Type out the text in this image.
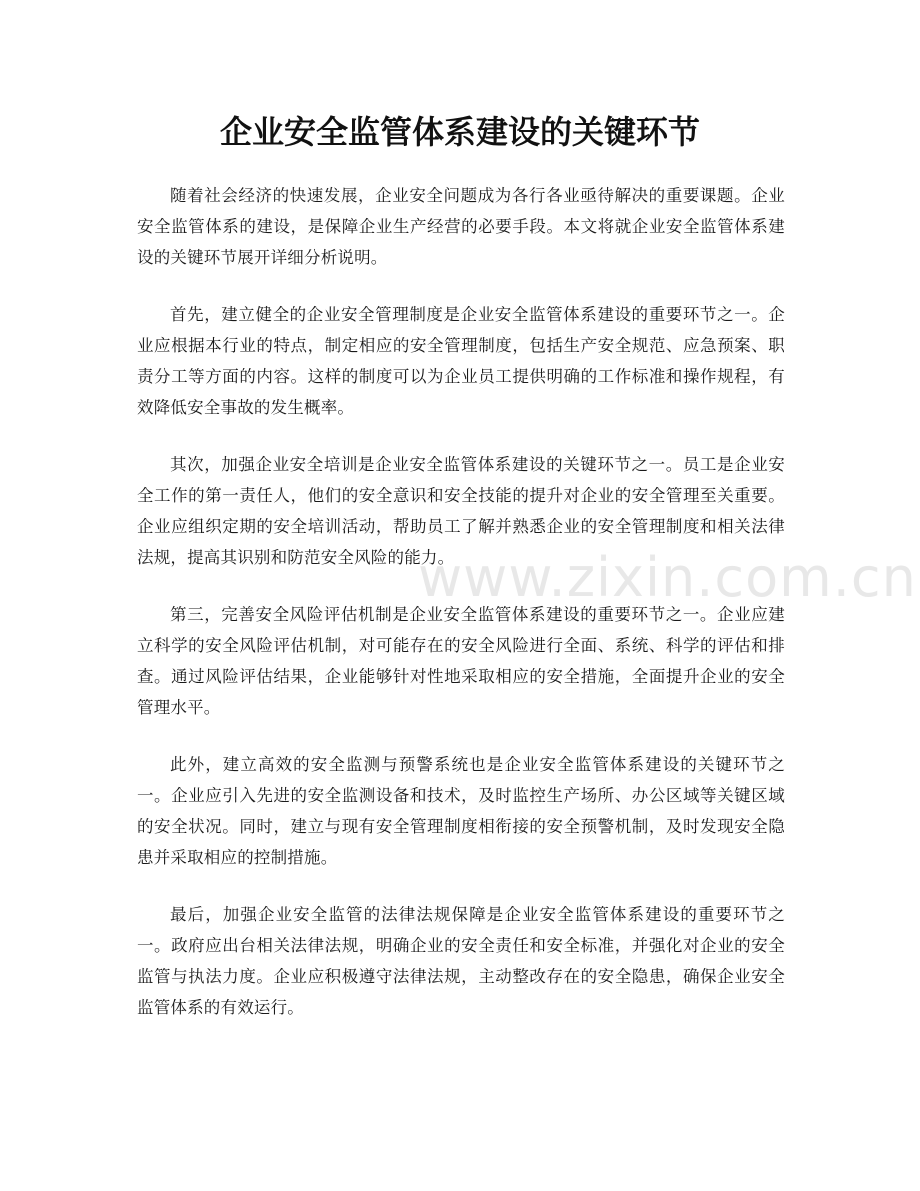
企业安全监管体系建设的关键环节

随着社会经济的快速发展，企业安全问题成为各行各业亟待解决的重要课题。企业安全监管体系的建设，是保障企业生产经营的必要手段。本文将就企业安全监管体系建设的关键环节展开详细分析说明。

首先，建立健全的企业安全管理制度是企业安全监管体系建设的重要环节之一。企业应根据本行业的特点，制定相应的安全管理制度，包括生产安全规范、应急预案、职责分工等方面的内容。这样的制度可以为企业员工提供明确的工作标准和操作规程，有效降低安全事故的发生概率。

其次，加强企业安全培训是企业安全监管体系建设的关键环节之一。员工是企业安全工作的第一责任人，他们的安全意识和安全技能的提升对企业的安全管理至关重要。企业应组织定期的安全培训活动，帮助员工了解并熟悉企业的安全管理制度和相关法律法规，提高其识别和防范安全风险的能力。

第三，完善安全风险评估机制是企业安全监管体系建设的重要环节之一。企业应建立科学的安全风险评估机制，对可能存在的安全风险进行全面、系统、科学的评估和排查。通过风险评估结果，企业能够针对性地采取相应的安全措施，全面提升企业的安全管理水平。

此外，建立高效的安全监测与预警系统也是企业安全监管体系建设的关键环节之一。企业应引入先进的安全监测设备和技术，及时监控生产场所、办公区域等关键区域的安全状况。同时，建立与现有安全管理制度相衔接的安全预警机制，及时发现安全隐患并采取相应的控制措施。

最后，加强企业安全监管的法律法规保障是企业安全监管体系建设的重要环节之一。政府应出台相关法律法规，明确企业的安全责任和安全标准，并强化对企业的安全监管与执法力度。企业应积极遵守法律法规，主动整改存在的安全隐患，确保企业安全监管体系的有效运行。

www.zixin.com.cn
